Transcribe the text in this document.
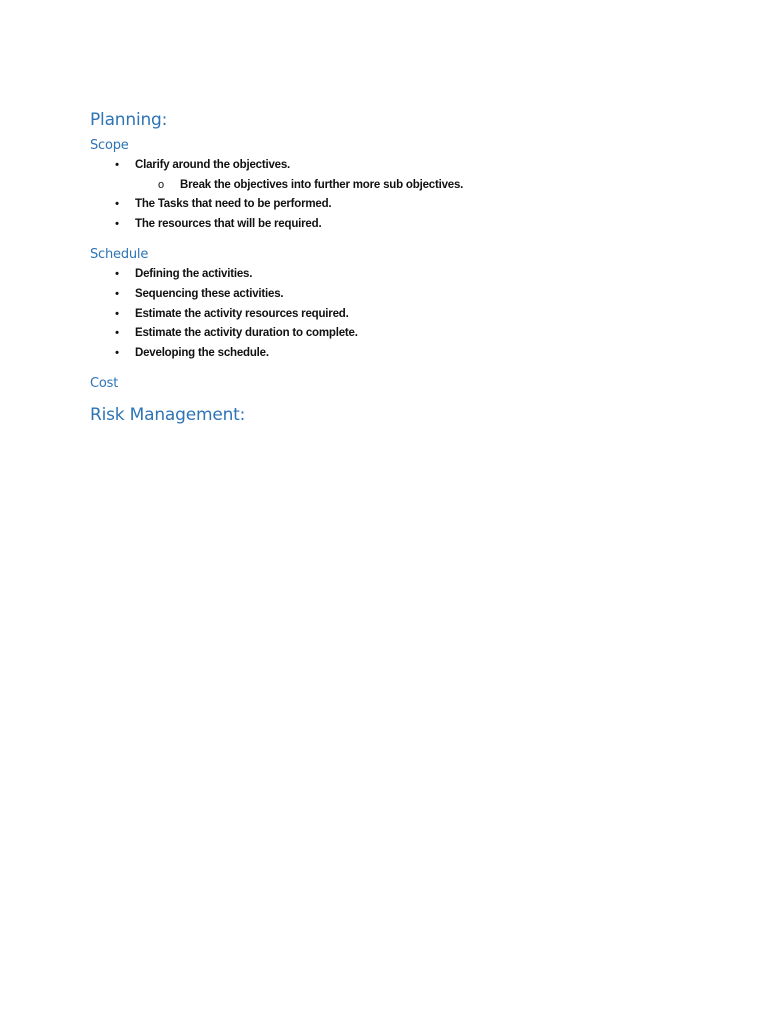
Planning:
Scope
• Clarify around the objectives.
o Break the objectives into further more sub objectives.
• The Tasks that need to be performed.
• The resources that will be required.
Schedule
• Defining the activities.
• Sequencing these activities.
• Estimate the activity resources required.
• Estimate the activity duration to complete.
• Developing the schedule.
Cost
Risk Management:
